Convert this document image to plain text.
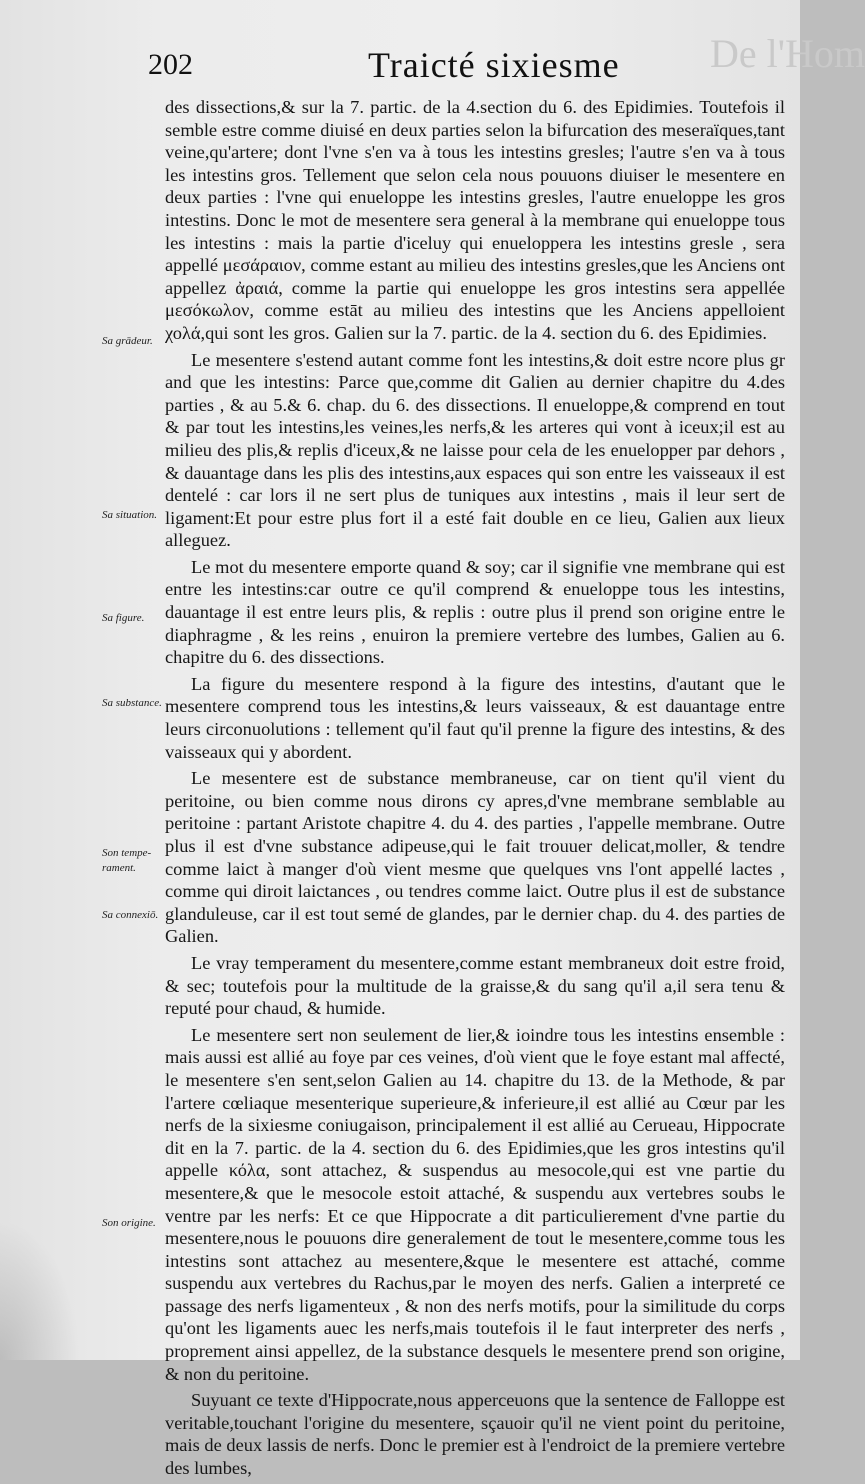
De l'Hom
202	Traicté sixiesme
Sa grādeur.
Sa situation.
Sa figure.
Sa substance.
Son tempe-rament.
Sa connexiō.
Son origine.

des dissections,& sur la 7. partic. de la 4.section du 6. des Epidimies. Toutefois il semble estre comme diuisé en deux parties selon la bifurcation des meseraïques,tant veine,qu'artere; dont l'vne s'en va à tous les intestins gresles; l'autre s'en va à tous les intestins gros. Tellement que selon cela nous pouuons diuiser le mesentere en deux parties : l'vne qui enueloppe les intestins gresles, l'autre enueloppe les gros intestins. Donc le mot de mesentere sera general à la membrane qui enueloppe tous les intestins : mais la partie d'iceluy qui enueloppera les intestins gresle , sera appellé μεσάραιον, comme estant au milieu des intestins gresles,que les Anciens ont appellez ἀραιά, comme la partie qui enueloppe les gros intestins sera appellée μεσόκωλον, comme estāt au milieu des intestins que les Anciens appelloient χολά,qui sont les gros. Galien sur la 7. partic. de la 4. section du 6. des Epidimies.

Le mesentere s'estend autant comme font les intestins,& doit estre ncore plus gr and que les intestins: Parce que,comme dit Galien au dernier chapitre du 4.des parties , & au 5.& 6. chap. du 6. des dissections. Il enueloppe,& comprend en tout & par tout les intestins,les veines,les nerfs,& les arteres qui vont à iceux;il est au milieu des plis,& replis d'iceux,& ne laisse pour cela de les enuelopper par dehors , & dauantage dans les plis des intestins,aux espaces qui son entre les vaisseaux il est dentelé : car lors il ne sert plus de tuniques aux intestins , mais il leur sert de ligament:Et pour estre plus fort il a esté fait double en ce lieu, Galien aux lieux alleguez.

Le mot du mesentere emporte quand & soy; car il signifie vne membrane qui est entre les intestins:car outre ce qu'il comprend & enueloppe tous les intestins, dauantage il est entre leurs plis, & replis : outre plus il prend son origine entre le diaphragme , & les reins , enuiron la premiere vertebre des lumbes, Galien au 6. chapitre du 6. des dissections.

La figure du mesentere respond à la figure des intestins, d'autant que le mesentere comprend tous les intestins,& leurs vaisseaux, & est dauantage entre leurs circonuolutions : tellement qu'il faut qu'il prenne la figure des intestins, & des vaisseaux qui y abordent.

Le mesentere est de substance membraneuse, car on tient qu'il vient du peritoine, ou bien comme nous dirons cy apres,d'vne membrane semblable au peritoine : partant Aristote chapitre 4. du 4. des parties , l'appelle membrane. Outre plus il est d'vne substance adipeuse,qui le fait trouuer delicat,moller, & tendre comme laict à manger d'où vient mesme que quelques vns l'ont appellé lactes , comme qui diroit laictances , ou tendres comme laict. Outre plus il est de substance glanduleuse, car il est tout semé de glandes, par le dernier chap. du 4. des parties de Galien.

Le vray temperament du mesentere,comme estant membraneux doit estre froid, & sec; toutefois pour la multitude de la graisse,& du sang qu'il a,il sera tenu & reputé pour chaud, & humide.

Le mesentere sert non seulement de lier,& ioindre tous les intestins ensemble : mais aussi est allié au foye par ces veines, d'où vient que le foye estant mal affecté, le mesentere s'en sent,selon Galien au 14. chapitre du 13. de la Methode, & par l'artere cœliaque mesenterique superieure,& inferieure,il est allié au Cœur par les nerfs de la sixiesme coniugaison, principalement il est allié au Cerueau, Hippocrate dit en la 7. partic. de la 4. section du 6. des Epidimies,que les gros intestins qu'il appelle κόλα, sont attachez, & suspendus au mesocole,qui est vne partie du mesentere,& que le mesocole estoit attaché, & suspendu aux vertebres soubs le ventre par les nerfs: Et ce que Hippocrate a dit particulierement d'vne partie du mesentere,nous le pouuons dire generalement de tout le mesentere,comme tous les intestins sont attachez au mesentere,&que le mesentere est attaché, comme suspendu aux vertebres du Rachus,par le moyen des nerfs. Galien a interpreté ce passage des nerfs ligamenteux , & non des nerfs motifs, pour la similitude du corps qu'ont les ligaments auec les nerfs,mais toutefois il le faut interpreter des nerfs , proprement ainsi appellez, de la substance desquels le mesentere prend son origine, & non du peritoine.

Suyuant ce texte d'Hippocrate,nous apperceuons que la sentence de Falloppe est veritable,touchant l'origine du mesentere, sçauoir qu'il ne vient point du peritoine, mais de deux lassis de nerfs. Donc le premier est à l'endroict de la premiere vertebre des lumbes,
